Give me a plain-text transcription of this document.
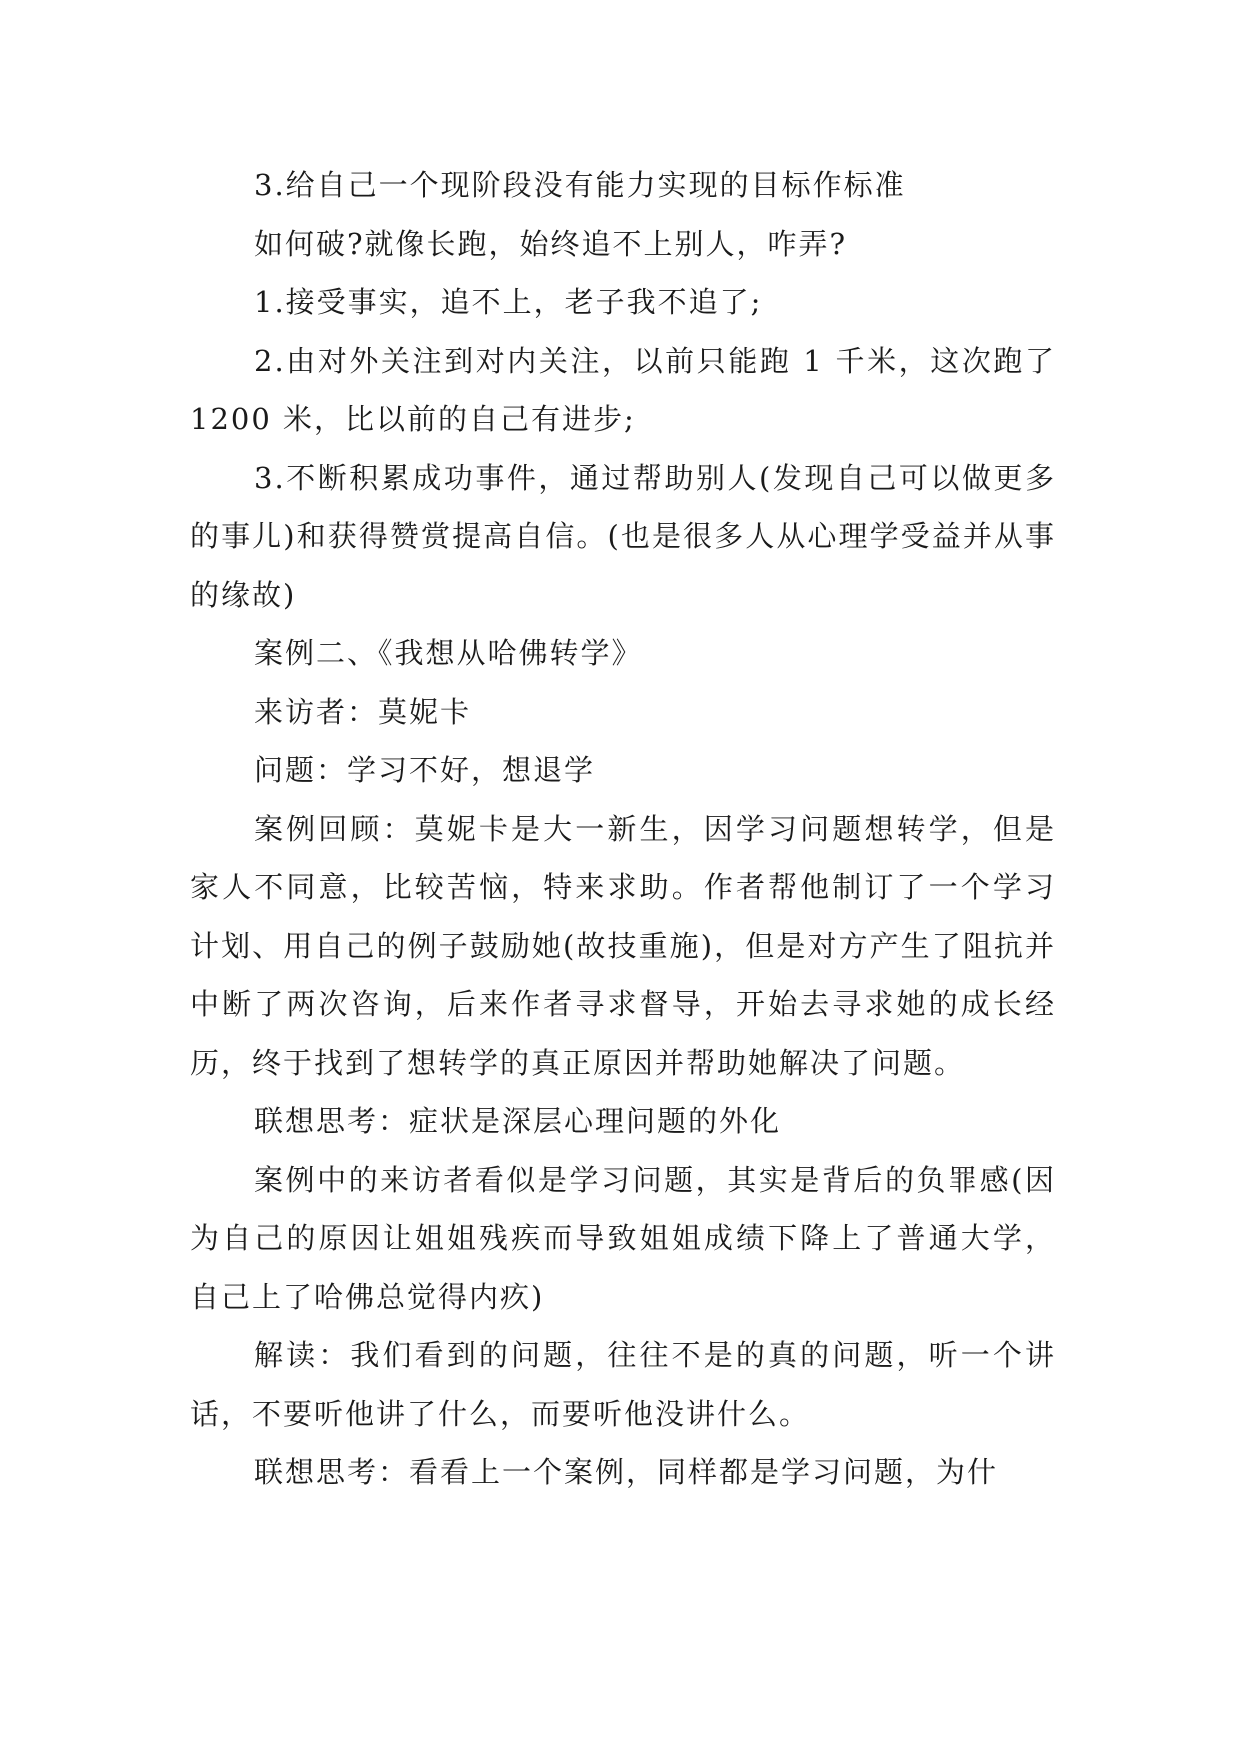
3.给自己一个现阶段没有能力实现的目标作标准

如何破?就像长跑，始终追不上别人，咋弄?

1.接受事实，追不上，老子我不追了;

2.由对外关注到对内关注，以前只能跑 1 千米，这次跑了 1200 米，比以前的自己有进步;

3.不断积累成功事件，通过帮助别人(发现自己可以做更多的事儿)和获得赞赏提高自信。(也是很多人从心理学受益并从事的缘故)

案例二、《我想从哈佛转学》

来访者：莫妮卡

问题：学习不好，想退学

案例回顾：莫妮卡是大一新生，因学习问题想转学，但是家人不同意，比较苦恼，特来求助。作者帮他制订了一个学习计划、用自己的例子鼓励她(故技重施)，但是对方产生了阻抗并中断了两次咨询，后来作者寻求督导，开始去寻求她的成长经历，终于找到了想转学的真正原因并帮助她解决了问题。

联想思考：症状是深层心理问题的外化

案例中的来访者看似是学习问题，其实是背后的负罪感(因为自己的原因让姐姐残疾而导致姐姐成绩下降上了普通大学，自己上了哈佛总觉得内疚)

解读：我们看到的问题，往往不是的真的问题，听一个讲话，不要听他讲了什么，而要听他没讲什么。

联想思考：看看上一个案例，同样都是学习问题，为什
